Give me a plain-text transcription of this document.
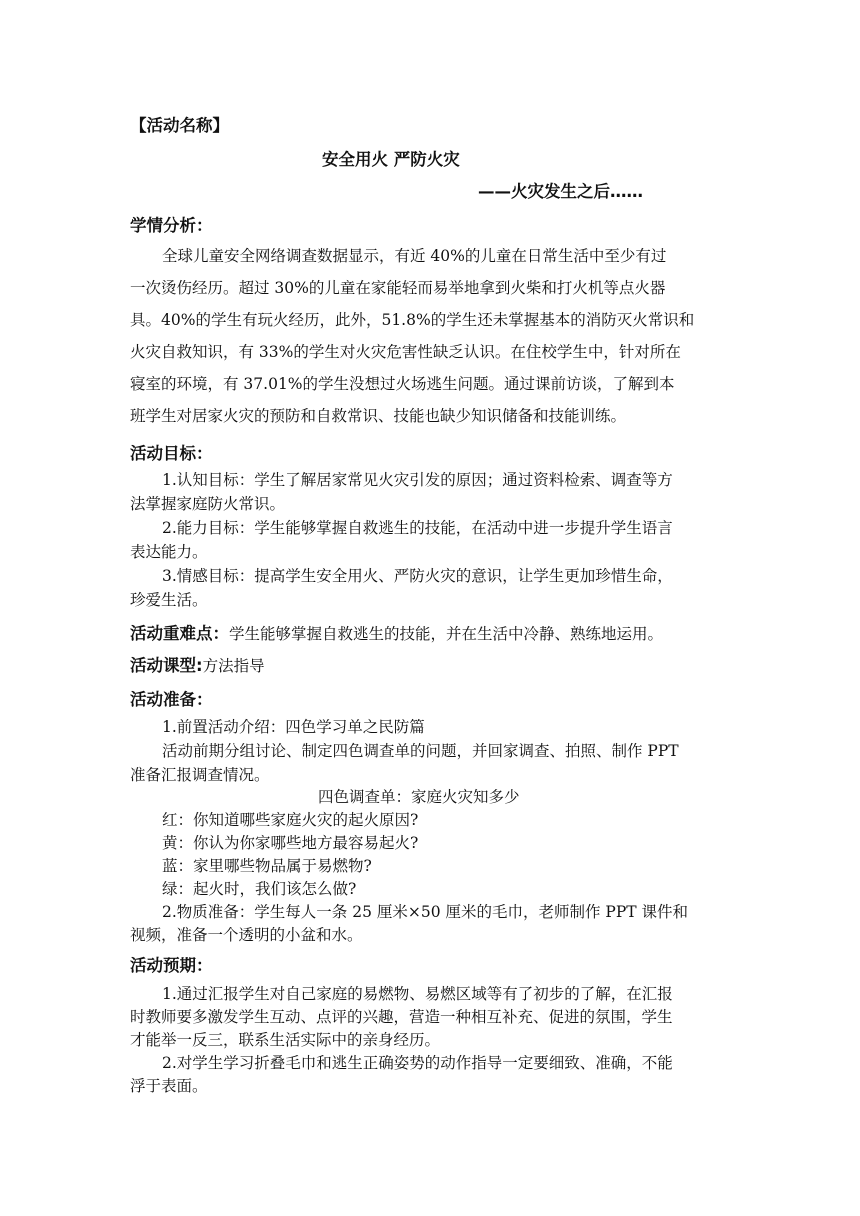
【活动名称】
安全用火 严防火灾
——火灾发生之后……
学情分析：
全球儿童安全网络调查数据显示，有近 40%的儿童在日常生活中至少有过
一次烫伤经历。超过 30%的儿童在家能轻而易举地拿到火柴和打火机等点火器
具。40%的学生有玩火经历，此外，51.8%的学生还未掌握基本的消防灭火常识和
火灾自救知识，有 33%的学生对火灾危害性缺乏认识。在住校学生中，针对所在
寝室的环境，有 37.01%的学生没想过火场逃生问题。通过课前访谈，了解到本
班学生对居家火灾的预防和自救常识、技能也缺少知识储备和技能训练。
活动目标：
1.认知目标：学生了解居家常见火灾引发的原因；通过资料检索、调查等方
法掌握家庭防火常识。
2.能力目标：学生能够掌握自救逃生的技能，在活动中进一步提升学生语言
表达能力。
3.情感目标：提高学生安全用火、严防火灾的意识，让学生更加珍惜生命，
珍爱生活。
活动重难点：学生能够掌握自救逃生的技能，并在生活中冷静、熟练地运用。
活动课型:方法指导
活动准备：
1.前置活动介绍：四色学习单之民防篇
活动前期分组讨论、制定四色调查单的问题，并回家调查、拍照、制作 PPT
准备汇报调查情况。
四色调查单：家庭火灾知多少
红：你知道哪些家庭火灾的起火原因?
黄：你认为你家哪些地方最容易起火?
蓝：家里哪些物品属于易燃物?
绿：起火时，我们该怎么做?
2.物质准备：学生每人一条 25 厘米×50 厘米的毛巾，老师制作 PPT 课件和
视频，准备一个透明的小盆和水。
活动预期：
1.通过汇报学生对自己家庭的易燃物、易燃区域等有了初步的了解，在汇报
时教师要多激发学生互动、点评的兴趣，营造一种相互补充、促进的氛围，学生
才能举一反三，联系生活实际中的亲身经历。
2.对学生学习折叠毛巾和逃生正确姿势的动作指导一定要细致、准确，不能
浮于表面。
